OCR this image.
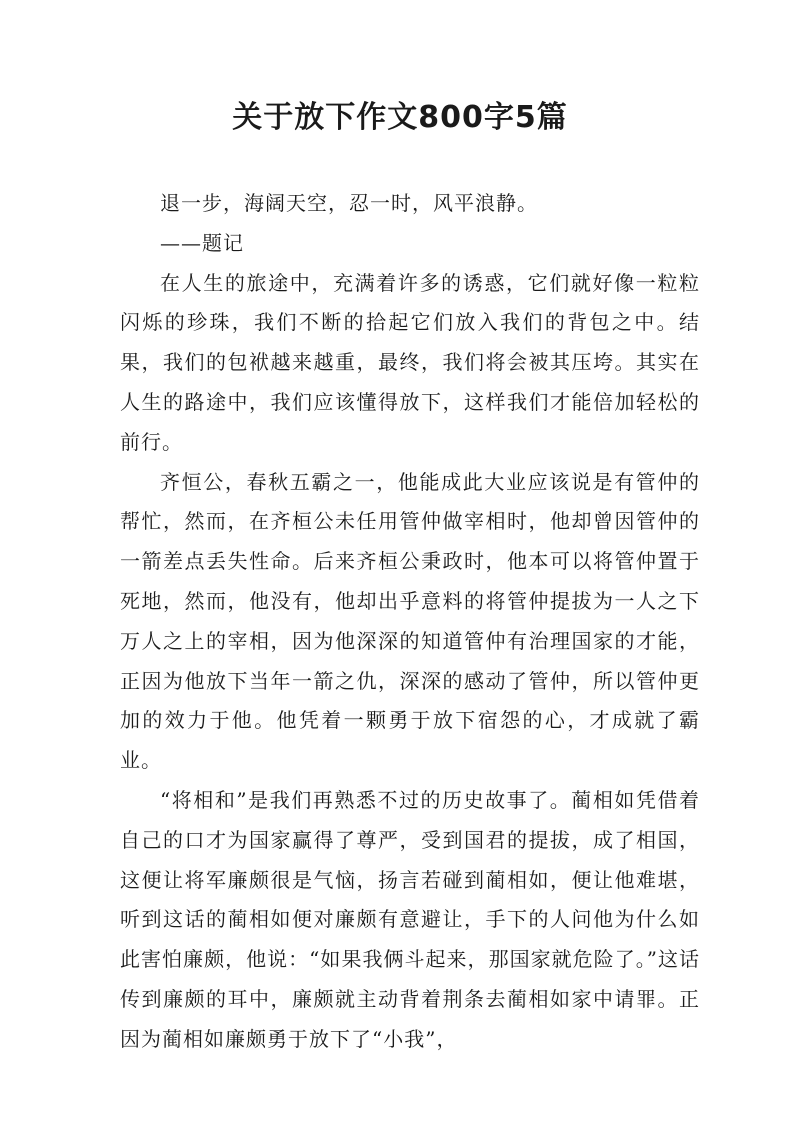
关于放下作文800字5篇

退一步，海阔天空，忍一时，风平浪静。

——题记

在人生的旅途中，充满着许多的诱惑，它们就好像一粒粒闪烁的珍珠，我们不断的拾起它们放入我们的背包之中。结果，我们的包袱越来越重，最终，我们将会被其压垮。其实在人生的路途中，我们应该懂得放下，这样我们才能倍加轻松的前行。

齐恒公，春秋五霸之一，他能成此大业应该说是有管仲的帮忙，然而，在齐桓公未任用管仲做宰相时，他却曾因管仲的一箭差点丢失性命。后来齐桓公秉政时，他本可以将管仲置于死地，然而，他没有，他却出乎意料的将管仲提拔为一人之下万人之上的宰相，因为他深深的知道管仲有治理国家的才能，正因为他放下当年一箭之仇，深深的感动了管仲，所以管仲更加的效力于他。他凭着一颗勇于放下宿怨的心，才成就了霸业。

“将相和”是我们再熟悉不过的历史故事了。蔺相如凭借着自己的口才为国家赢得了尊严，受到国君的提拔，成了相国，这便让将军廉颇很是气恼，扬言若碰到蔺相如，便让他难堪，听到这话的蔺相如便对廉颇有意避让，手下的人问他为什么如此害怕廉颇，他说：“如果我俩斗起来，那国家就危险了。”这话传到廉颇的耳中，廉颇就主动背着荆条去蔺相如家中请罪。正因为蔺相如廉颇勇于放下了“小我”，
